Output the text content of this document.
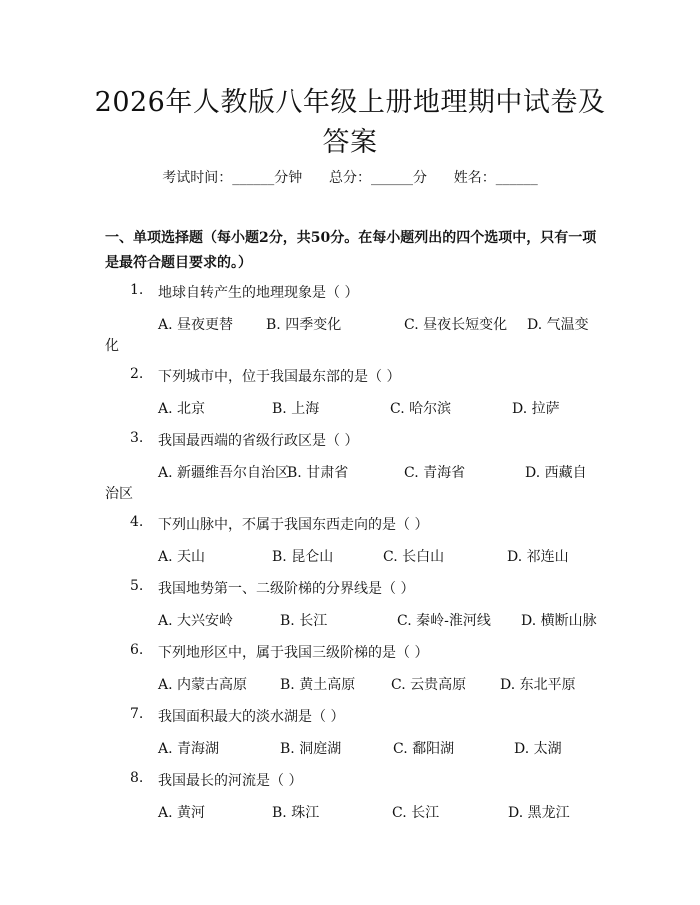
2026年人教版八年级上册地理期中试卷及答案
考试时间：______分钟      总分：______分      姓名：______
一、单项选择题（每小题2分，共50分。在每小题列出的四个选项中，只有一项是最符合题目要求的。）
1. 地球自转产生的地理现象是（ ）
A. 昼夜更替 B. 四季变化	C. 昼夜长短变化 D. 气温变
化
2. 下列城市中，位于我国最东部的是（ ）
A. 北京	B. 上海	C. 哈尔滨	D. 拉萨
3. 我国最西端的省级行政区是（ ）
A. 新疆维吾尔自治区
B. 甘肃省	C. 青海省	D. 西藏自
治区
4. 下列山脉中，不属于我国东西走向的是（ ）
A. 天山	B. 昆仑山	C. 长白山	D. 祁连山
5. 我国地势第一、二级阶梯的分界线是（ ）
A. 大兴安岭	B. 长江	C. 秦岭-淮河线 D. 横断山脉
6. 下列地形区中，属于我国三级阶梯的是（ ）
A. 内蒙古高原 B. 黄土高原	C. 云贵高原 D. 东北平原
7. 我国面积最大的淡水湖是（ ）
A. 青海湖	B. 洞庭湖	C. 鄱阳湖	D. 太湖
8. 我国最长的河流是（ ）
A. 黄河	B. 珠江	C. 长江	D. 黑龙江
